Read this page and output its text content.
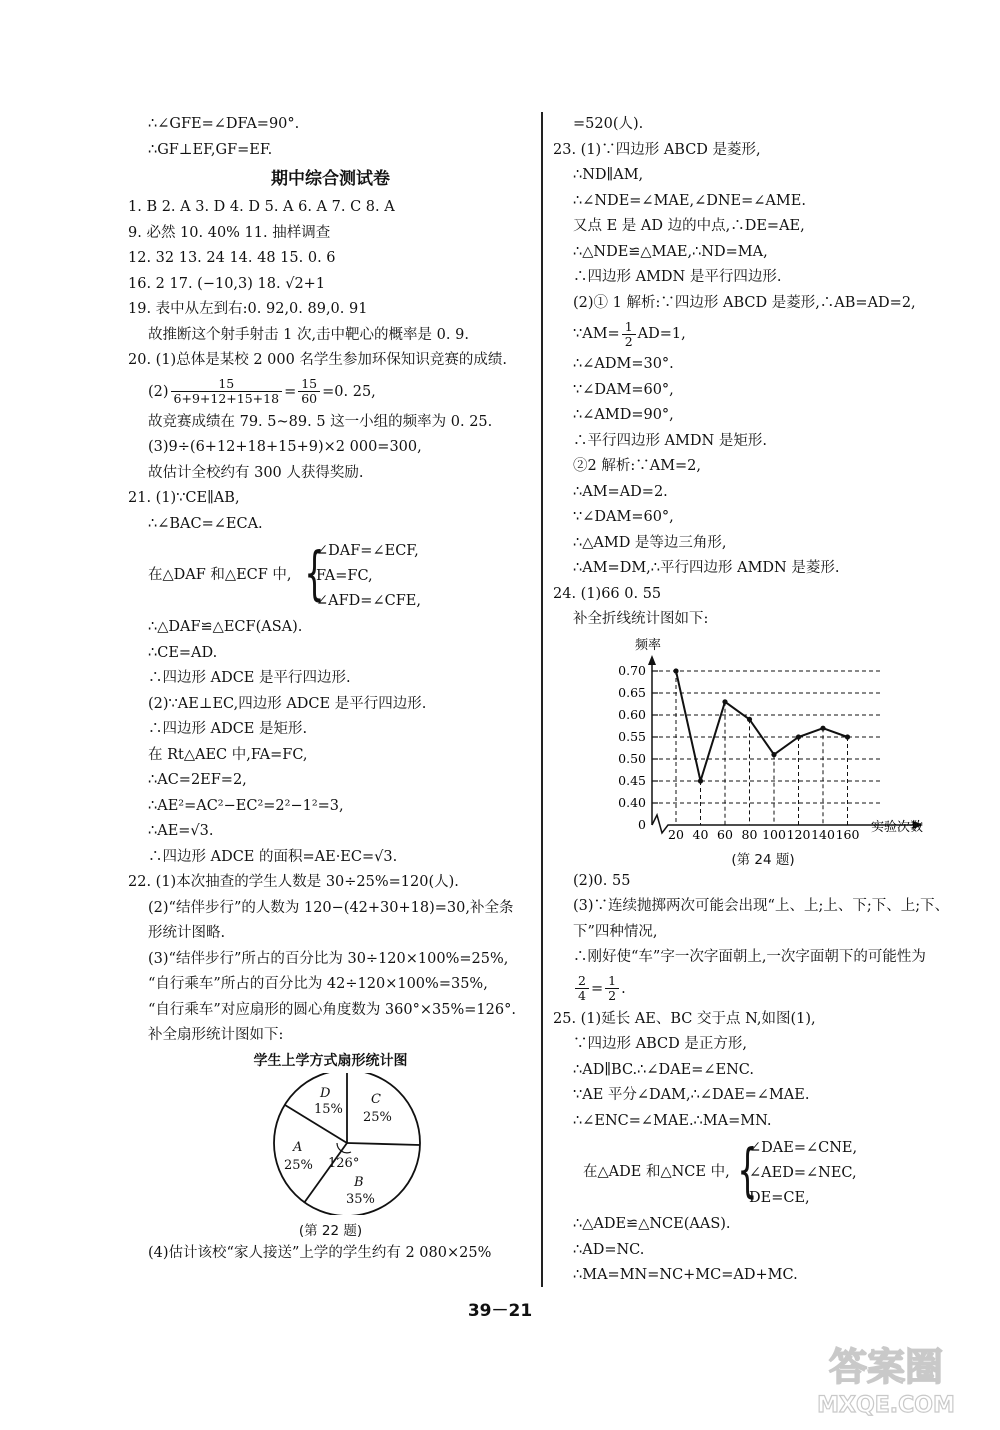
∴∠GFE=∠DFA=90°.
∴GF⊥EF,GF=EF.
期中综合测试卷
1. B 2. A 3. D 4. D 5. A 6. A 7. C 8. A
9. 必然 10. 40% 11. 抽样调查
12. 32 13. 24 14. 48 15. 0. 6
16. 2 17. (−10,3) 18. √2+1
19. 表中从左到右:0. 92,0. 89,0. 91
故推断这个射手射击 1 次,击中靶心的概率是 0. 9.
20. (1)总体是某校 2 000 名学生参加环保知识竞赛的成绩.
$(2) \frac{15}{6+9+12+15+18} = \frac{15}{60} =0$. 25,
故竞赛成绩在 79. 5~89. 5 这一小组的频率为 0. 25.
(3)9÷(6+12+18+15+9)×2 000=300,
故估计全校约有 300 人获得奖励.
21. (1)∵CE∥AB,
∴∠BAC=∠ECA.
在△DAF 和△ECF 中, {
∠DAF=∠ECF,
FA=FC,
∠AFD=∠CFE,
∴△DAF≌△ECF(ASA).
∴CE=AD.
∴四边形 ADCE 是平行四边形.
(2)∵AE⊥EC,四边形 ADCE 是平行四边形.
∴四边形 ADCE 是矩形.
在 Rt△AEC 中,FA=FC,
∴AC=2EF=2,
∴AE²=AC²−EC²=2²−1²=3,
∴AE=√3.
∴四边形 ADCE 的面积=AE·EC=√3.
22. (1)本次抽查的学生人数是 30÷25%=120(人).
(2)“结伴步行”的人数为 120−(42+30+18)=30,补全条
形统计图略.
(3)“结伴步行”所占的百分比为 30÷120×100%=25%,
“自行乘车”所占的百分比为 42÷120×100%=35%,
“自行乘车”对应扇形的圆心角度数为 360°×35%=126°.
补全扇形统计图如下:
学生上学方式扇形统计图
D
15%
C
25%
A
25% 126°
B
35%
(第 22 题)
(4)估计该校“家人接送”上学的学生约有 2 080×25%
=520(人).
23. (1)∵四边形 ABCD 是菱形,
∴ND∥AM,
∴∠NDE=∠MAE,∠DNE=∠AME.
又点 E 是 AD 边的中点,∴DE=AE,
∴△NDE≌△MAE,∴ND=MA,
∴四边形 AMDN 是平行四边形.
(2)① 1 解析:∵四边形 ABCD 是菱形,∴AB=AD=2,
∵AM= $\frac{1}{2} AD=1$,
∴∠ADM=30°.
∵∠DAM=60°,
∴∠AMD=90°,
∴平行四边形 AMDN 是矩形.
②2 解析:∵AM=2,
∴AM=AD=2.
∵∠DAM=60°,
∴△AMD 是等边三角形,
∴AM=DM,∴平行四边形 AMDN 是菱形.
24. (1)66 0. 55
补全折线统计图如下:
0
0.40
0.45
0.50
0.55
0.60
0.65
0.70
20 40 60 80 100 120 140 160
频率
实验次数
(第 24 题)
(2)0. 55
(3)∵连续抛掷两次可能会出现“上、上;上、下;下、上;下、
下”四种情况,
∴刚好使“车”字一次字面朝上,一次字面朝下的可能性为
$\frac{2}{4} = \frac{1}{2}$ .
25. (1)延长 AE、BC 交于点 N,如图(1),
∵四边形 ABCD 是正方形,
∴AD∥BC.∴∠DAE=∠ENC.
∵AE 平分∠DAM,∴∠DAE=∠MAE.
∴∠ENC=∠MAE.∴MA=MN.
在△ADE 和△NCE 中, {
∠DAE=∠CNE,
∠AED=∠NEC,
DE=CE,
∴△ADE≌△NCE(AAS).
∴AD=NC.
∴MA=MN=NC+MC=AD+MC.
39－21
答案圈
MXQE.COM
